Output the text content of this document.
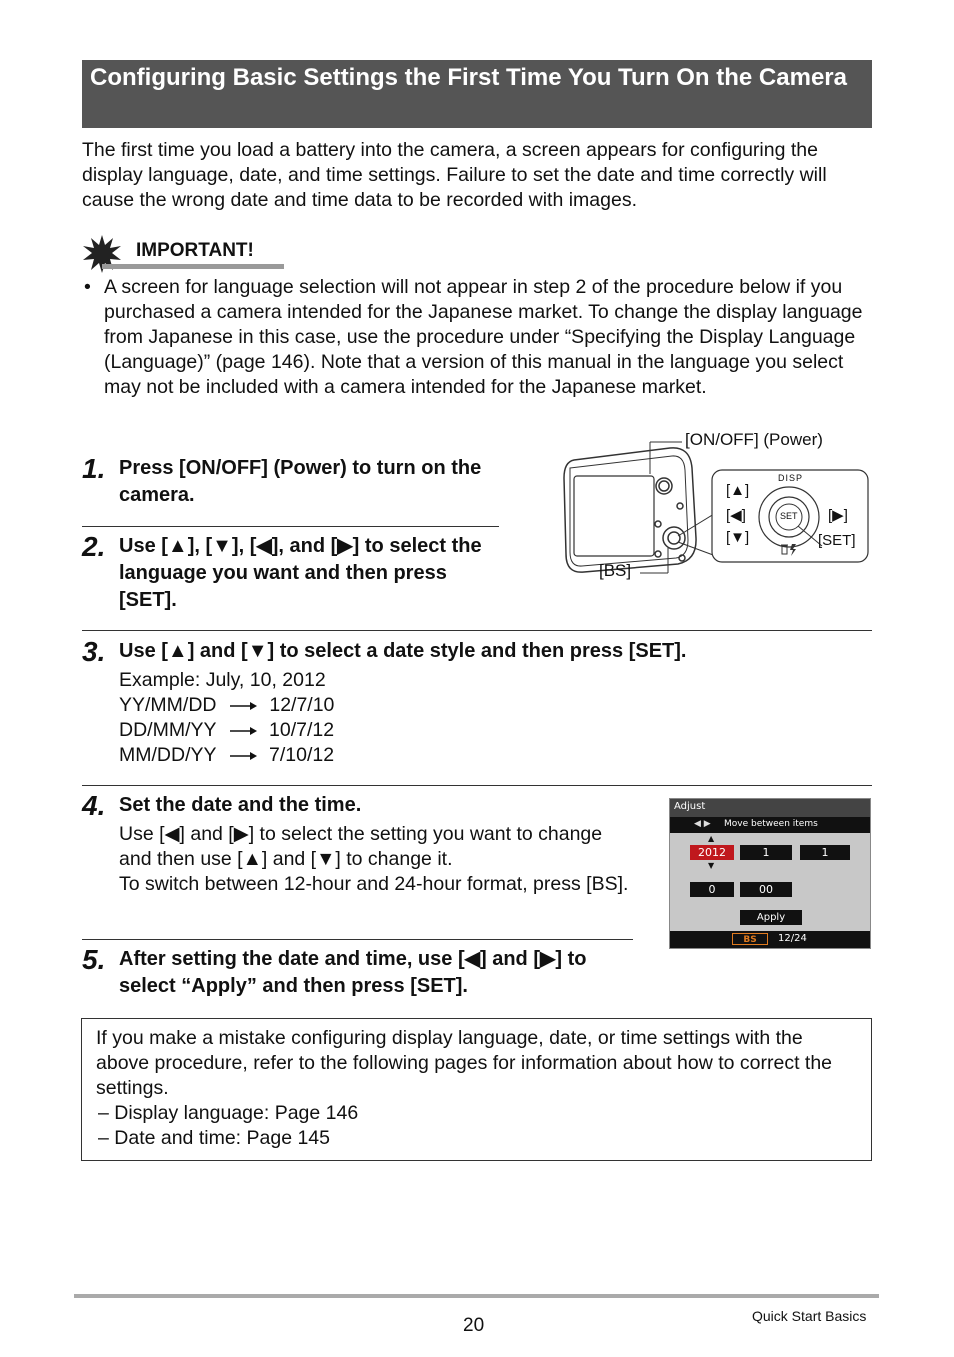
Configuring Basic Settings the First Time You Turn On the Camera
The first time you load a battery into the camera, a screen appears for configuring the display language, date, and time settings. Failure to set the date and time correctly will cause the wrong date and time data to be recorded with images.
IMPORTANT!
• A screen for language selection will not appear in step 2 of the procedure below if you purchased a camera intended for the Japanese market. To change the display language from Japanese in this case, use the procedure under “Specifying the Display Language (Language)” (page 146). Note that a version of this manual in the language you select may not be included with a camera intended for the Japanese market.
1. Press [ON/OFF] (Power) to turn on the camera.
2. Use [▲], [▼], [◀], and [▶] to select the language you want and then press [SET].
[ON/OFF] (Power)
[BS]
[SET]
DISP
SET
[▲]
[◀]
[▼]
[▶]
3. Use [▲] and [▼] to select a date style and then press [SET].
Example: July, 10, 2012
YY/MM/DD	12/7/10
DD/MM/YY	10/7/12
MM/DD/YY	7/10/12
4. Set the date and the time.
Use [◀] and [▶] to select the setting you want to change and then use [▲] and [▼] to change it.
To switch between 12-hour and 24-hour format, press [BS].
Adjust
◀ ▶ Move between items
▲
2012
▼
1	1
0	00
Apply
BS	12/24
5. After setting the date and time, use [◀] and [▶] to select “Apply” and then press [SET].
If you make a mistake configuring display language, date, or time settings with the above procedure, refer to the following pages for information about how to correct the settings.
– Display language: Page 146
– Date and time: Page 145
20	Quick Start Basics
